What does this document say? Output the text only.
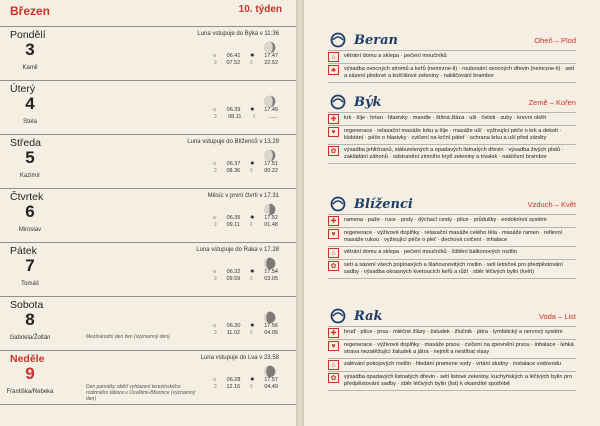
Březen	10. týden
Pondělí
3
Kamil
Luna vstupuje do Býka v 11:36
☼ 06.41 ✹ 17.47
☽ 07.52 ☾ 22.52
Úterý
4
Stela
☼ 06.39 ✹ 17.49
☽ 08.11 ☾ ......
Středa
5
Kazimír
Luna vstupuje do Blíženců v 13.29
☼ 06.37 ✹ 17.51
☽ 08.36 ☾ 00.22
Čtvrtek
6
Miroslav
Měsíc v první čtvrti v 17.31
☼ 06.35 ✹ 17.52
☽ 09.11 ☾ 01.48
Pátek
7
Tomáš
Luna vstupuje do Raka v 17.28
☼ 06.32 ✹ 17.54
☽ 09.59 ☾ 03.05
Sobota
8
Gabriela/Žoltán
☼ 06.30 ✹ 17.56
☽ 11.02 ☾ 04.05
Mezinárodní den žen (významný den)
Neděle
9
Františka/Rebeka
Luna vstupuje do Lva v 23.58
☼ 06.28 ✹ 17.57
☽ 12.16 ☾ 04.49
Den památky obětí vyhlazení terezínského rodinného tábora v Osvětimi-Březince (významný den)
Beran	Oheň – Plod
⌂	větrání domu a sklepa · pečení moučníků
♣	výsadba ovocných stromů a keřů (nemrzne-li) · roubování ovocných dřevin (nemrzne-li) · setí a sázení plodové a košťálové zeleniny · nakličování brambor
Býk	Země – Kořen
✚	krk · šíje · hrtan · hlasivky · mandle · štítná žláza · uši · čelisti · zuby · krevní oběh
♥	regenerace · relaxační masáže krku a šíje · masáže uší · vyživující péče o krk a dekolt · kloktání · péče o hlasivky · cvičení na krční páteř · ochrana krku a uší před záněty
✿	výsadba jehličnanů, stálezelených a opadavých listnatých dřevin · výsadba živých plotů · zakládání záhonů · odstranění zimního krytí zeleniny a trvalek · nakličení brambor
Blíženci	Vzduch – Květ
✚	ramena · paže · ruce · prsty · dýchací cesty · plíce · průdušky · endokrinní systém
♥	regenerace · výživové doplňky · relaxační masáže celého těla · masáže ramen · reflexní masáže rukou · vyživující péče o pleť · dechová cvičení · inhalace
⌂	větrání domu a sklepa · pečení moučníků · čištění balkonových rostlin
✿	setí a sázení všech popínavých a šlahounovitých rostlin · setí letniček pro předpěstování sadby · výsadba okrasných kvetoucích keřů a růží · sběr léčivých bylin (květ)
Rak	Voda – List
✚	hruď · plíce · prsa · mléčné žlázy · žaludek · žlučník · játra · lymfatický a nervový systém
♥	regenerace · výživové doplňky · masáže prsou · cvičení na zpevnění prsou · inhalace · lehká strava nezatěžující žaludek a játra · nejmít a nestíhat vlasy
⌂	zalévání pokojových rostlin · hledání pramene vody · vrtání studny · instalace vodovodu
✿	výsadba opadavých listnatých dřevin · setí listové zeleniny, kuchyňských a léčivých bylin pro předpěstování sadby · sběr léčivých bylin (list) k okamžité spotřebě
